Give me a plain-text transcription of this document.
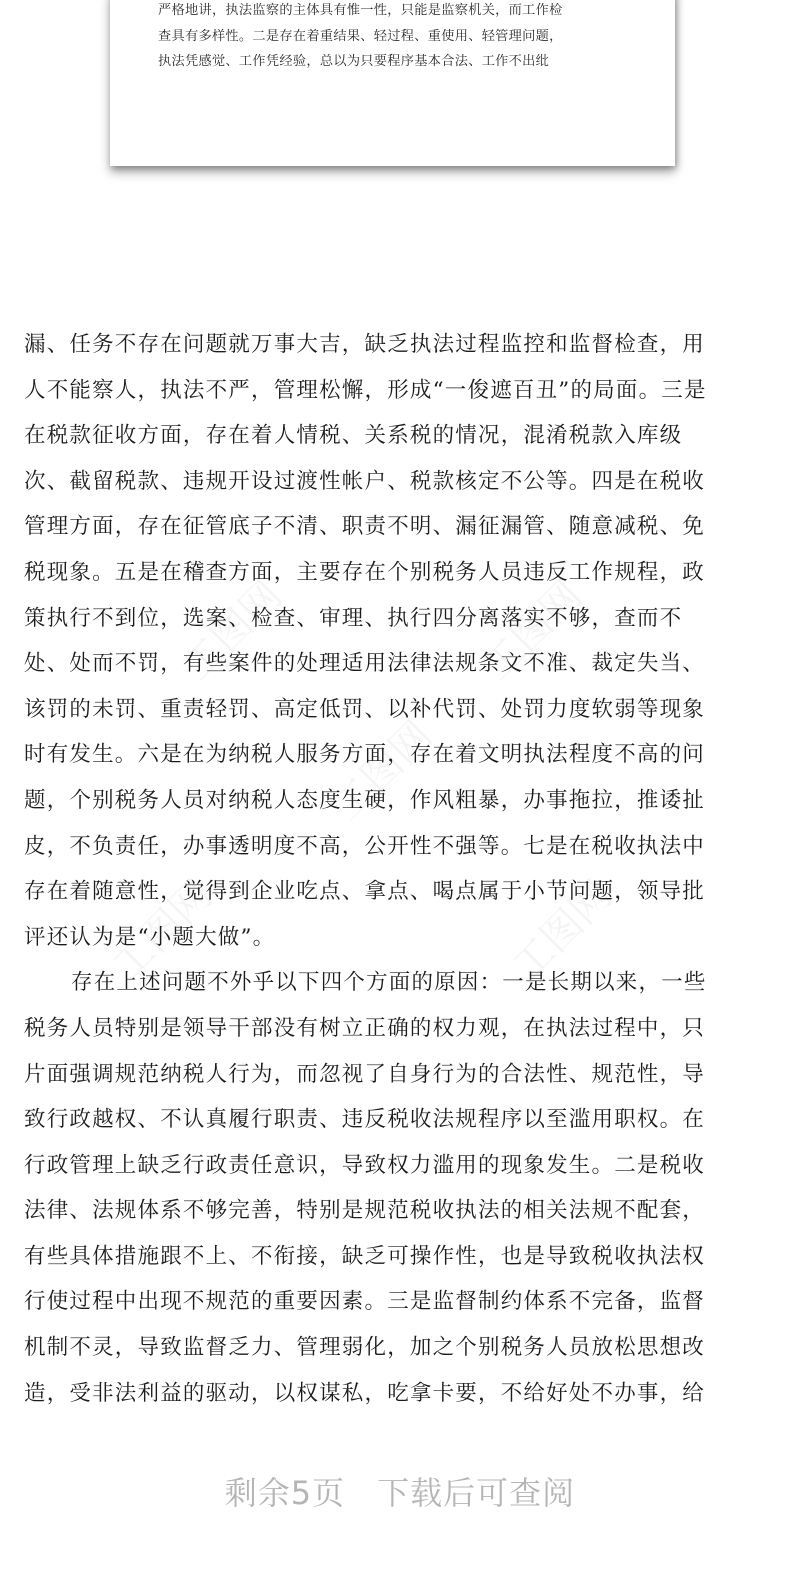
严格地讲，执法监察的主体具有惟一性，只能是监察机关，而工作检
查具有多样性。二是存在着重结果、轻过程、重使用、轻管理问题，
执法凭感觉、工作凭经验，总以为只要程序基本合法、工作不出纰
漏、任务不存在问题就万事大吉，缺乏执法过程监控和监督检查，用
人不能察人，执法不严，管理松懈，形成“一俊遮百丑”的局面。三是
在税款征收方面，存在着人情税、关系税的情况，混淆税款入库级
次、截留税款、违规开设过渡性帐户、税款核定不公等。四是在税收
管理方面，存在征管底子不清、职责不明、漏征漏管、随意减税、免
税现象。五是在稽查方面，主要存在个别税务人员违反工作规程，政
策执行不到位，选案、检查、审理、执行四分离落实不够，查而不
处、处而不罚，有些案件的处理适用法律法规条文不准、裁定失当、
该罚的未罚、重责轻罚、高定低罚、以补代罚、处罚力度软弱等现象
时有发生。六是在为纳税人服务方面，存在着文明执法程度不高的问
题，个别税务人员对纳税人态度生硬，作风粗暴，办事拖拉，推诿扯
皮，不负责任，办事透明度不高，公开性不强等。七是在税收执法中
存在着随意性，觉得到企业吃点、拿点、喝点属于小节问题，领导批
评还认为是“小题大做”。
存在上述问题不外乎以下四个方面的原因：一是长期以来，一些
税务人员特别是领导干部没有树立正确的权力观，在执法过程中，只
片面强调规范纳税人行为，而忽视了自身行为的合法性、规范性，导
致行政越权、不认真履行职责、违反税收法规程序以至滥用职权。在
行政管理上缺乏行政责任意识，导致权力滥用的现象发生。二是税收
法律、法规体系不够完善，特别是规范税收执法的相关法规不配套，
有些具体措施跟不上、不衔接，缺乏可操作性，也是导致税收执法权
行使过程中出现不规范的重要因素。三是监督制约体系不完备，监督
机制不灵，导致监督乏力、管理弱化，加之个别税务人员放松思想改
造，受非法利益的驱动，以权谋私，吃拿卡要，不给好处不办事，给
剩余5页 下载后可查阅
